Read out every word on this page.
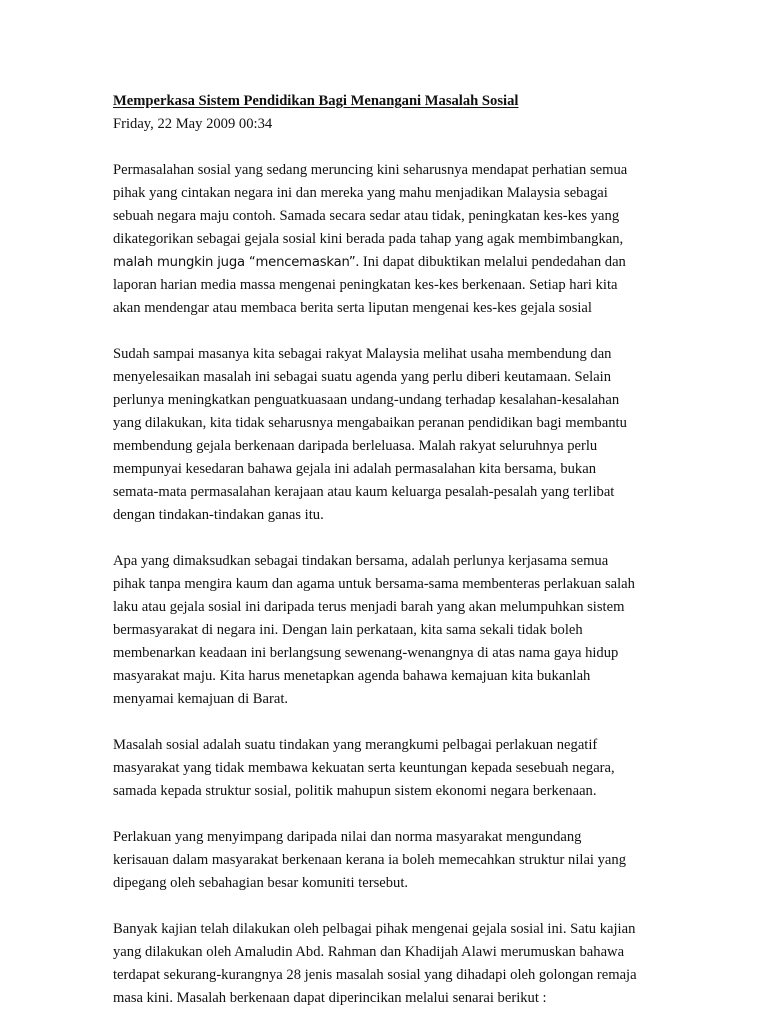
Memperkasa Sistem Pendidikan Bagi Menangani Masalah Sosial

Friday, 22 May 2009 00:34

Permasalahan sosial yang sedang meruncing kini seharusnya mendapat perhatian semua
pihak yang cintakan negara ini dan mereka yang mahu menjadikan Malaysia sebagai
sebuah negara maju contoh. Samada secara sedar atau tidak, peningkatan kes-kes yang
dikategorikan sebagai gejala sosial kini berada pada tahap yang agak membimbangkan,
malah mungkin juga “mencemaskan”. Ini dapat dibuktikan melalui pendedahan dan
laporan harian media massa mengenai peningkatan kes-kes berkenaan. Setiap hari kita
akan mendengar atau membaca berita serta liputan mengenai kes-kes gejala sosial

Sudah sampai masanya kita sebagai rakyat Malaysia melihat usaha membendung dan
menyelesaikan masalah ini sebagai suatu agenda yang perlu diberi keutamaan. Selain
perlunya meningkatkan penguatkuasaan undang-undang terhadap kesalahan-kesalahan
yang dilakukan, kita tidak seharusnya mengabaikan peranan pendidikan bagi membantu
membendung gejala berkenaan daripada berleluasa. Malah rakyat seluruhnya perlu
mempunyai kesedaran bahawa gejala ini adalah permasalahan kita bersama, bukan
semata-mata permasalahan kerajaan atau kaum keluarga pesalah-pesalah yang terlibat
dengan tindakan-tindakan ganas itu.

Apa yang dimaksudkan sebagai tindakan bersama, adalah perlunya kerjasama semua
pihak tanpa mengira kaum dan agama untuk bersama-sama membenteras perlakuan salah
laku atau gejala sosial ini daripada terus menjadi barah yang akan melumpuhkan sistem
bermasyarakat di negara ini. Dengan lain perkataan, kita sama sekali tidak boleh
membenarkan keadaan ini berlangsung sewenang-wenangnya di atas nama gaya hidup
masyarakat maju. Kita harus menetapkan agenda bahawa kemajuan kita bukanlah
menyamai kemajuan di Barat.

Masalah sosial adalah suatu tindakan yang merangkumi pelbagai perlakuan negatif
masyarakat yang tidak membawa kekuatan serta keuntungan kepada sesebuah negara,
samada kepada struktur sosial, politik mahupun sistem ekonomi negara berkenaan.

Perlakuan yang menyimpang daripada nilai dan norma masyarakat mengundang
kerisauan dalam masyarakat berkenaan kerana ia boleh memecahkan struktur nilai yang
dipegang oleh sebahagian besar komuniti tersebut.

Banyak kajian telah dilakukan oleh pelbagai pihak mengenai gejala sosial ini. Satu kajian
yang dilakukan oleh Amaludin Abd. Rahman dan Khadijah Alawi merumuskan bahawa
terdapat sekurang-kurangnya 28 jenis masalah sosial yang dihadapi oleh golongan remaja
masa kini. Masalah berkenaan dapat diperincikan melalui senarai berikut :
